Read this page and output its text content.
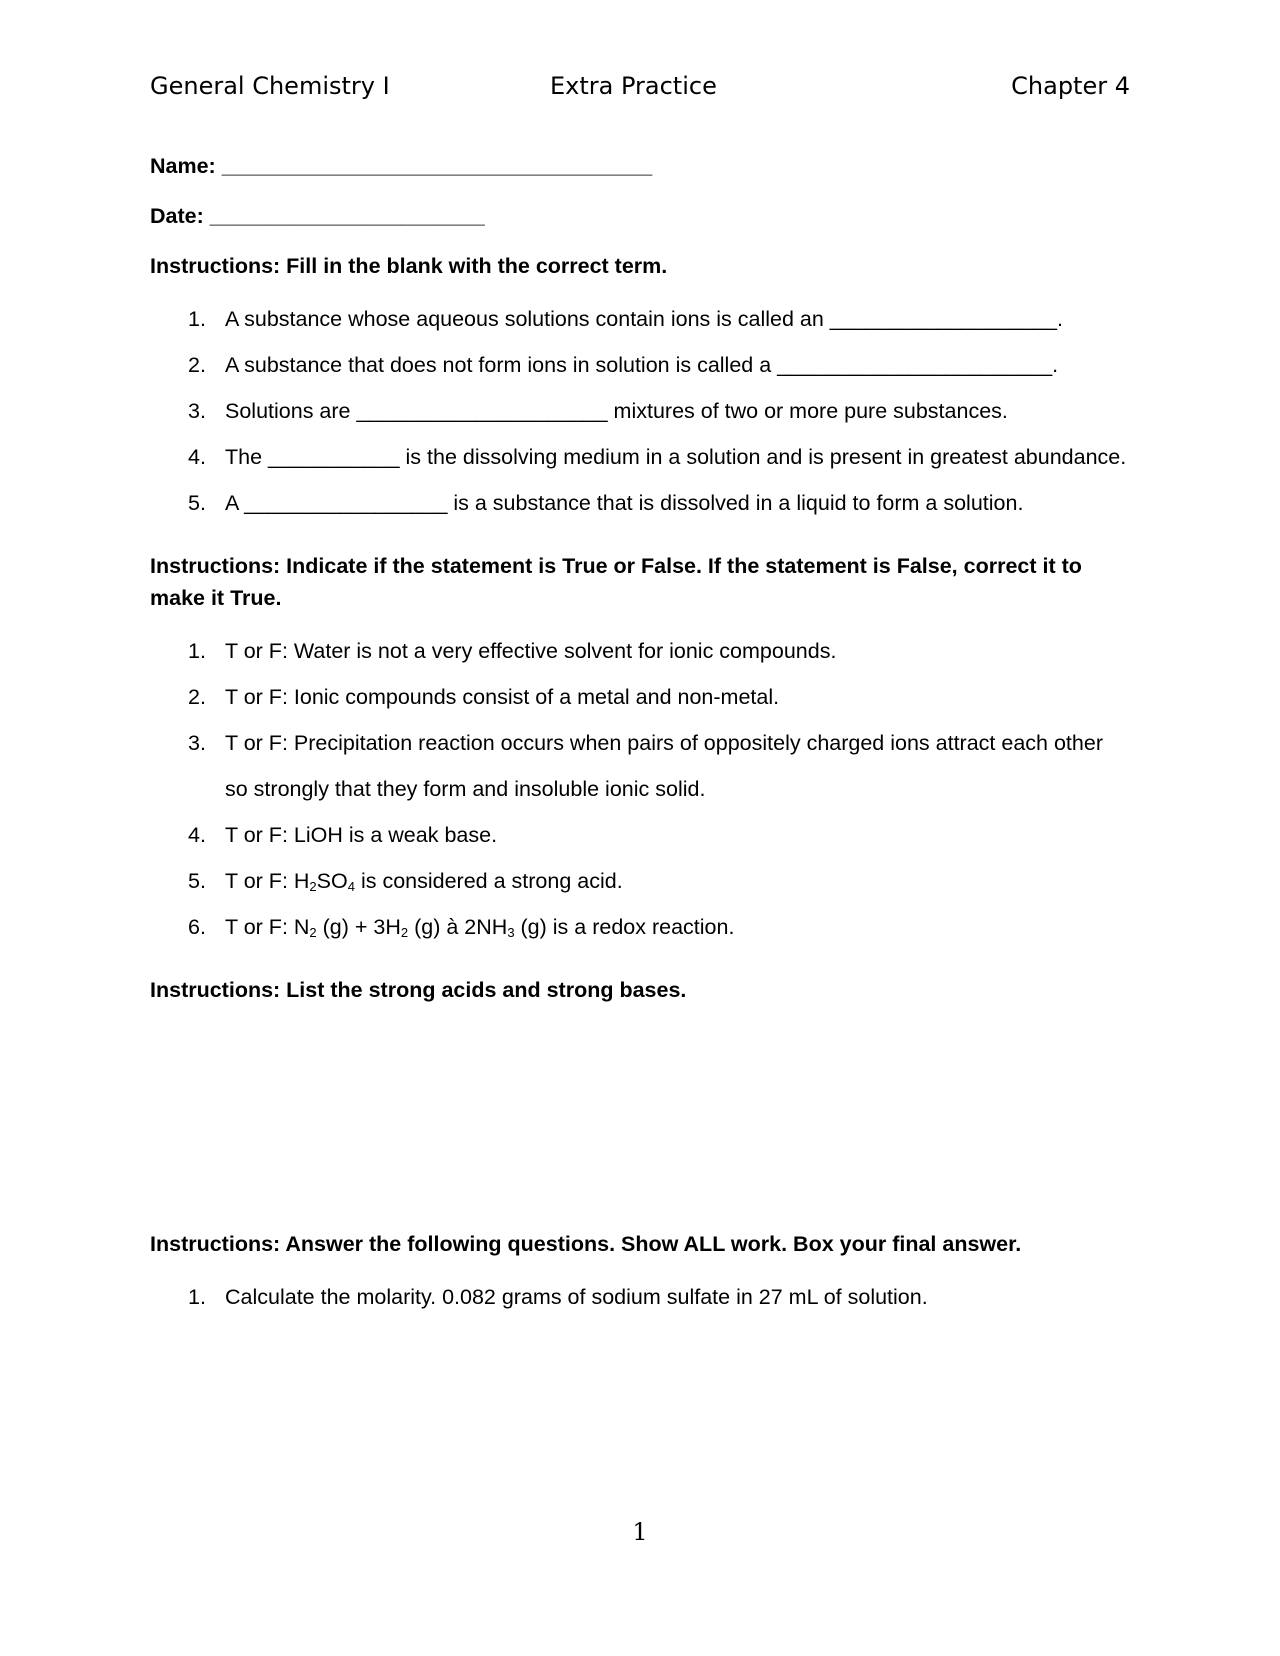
General Chemistry I	Extra Practice	Chapter 4

Name: ____________________________________

Date: _______________________

Instructions: Fill in the blank with the correct term.

1. A substance whose aqueous solutions contain ions is called an ___________________.
2. A substance that does not form ions in solution is called a _______________________.
3. Solutions are _____________________ mixtures of two or more pure substances.
4. The ___________ is the dissolving medium in a solution and is present in greatest abundance.
5. A _________________ is a substance that is dissolved in a liquid to form a solution.

Instructions: Indicate if the statement is True or False. If the statement is False, correct it to make it True.

1. T or F: Water is not a very effective solvent for ionic compounds.
2. T or F: Ionic compounds consist of a metal and non-metal.
3. T or F: Precipitation reaction occurs when pairs of oppositely charged ions attract each other so strongly that they form and insoluble ionic solid.
4. T or F: LiOH is a weak base.
5. T or F: $H_2SO_4$ is considered a strong acid.
6. T or F: $N_2$ $(g) + 3H_2$ (g) à $2NH_3$ (g) is a redox reaction.

Instructions: List the strong acids and strong bases.

Instructions: Answer the following questions. Show ALL work. Box your final answer.

1. Calculate the molarity. 0.082 grams of sodium sulfate in 27 mL of solution.
1
